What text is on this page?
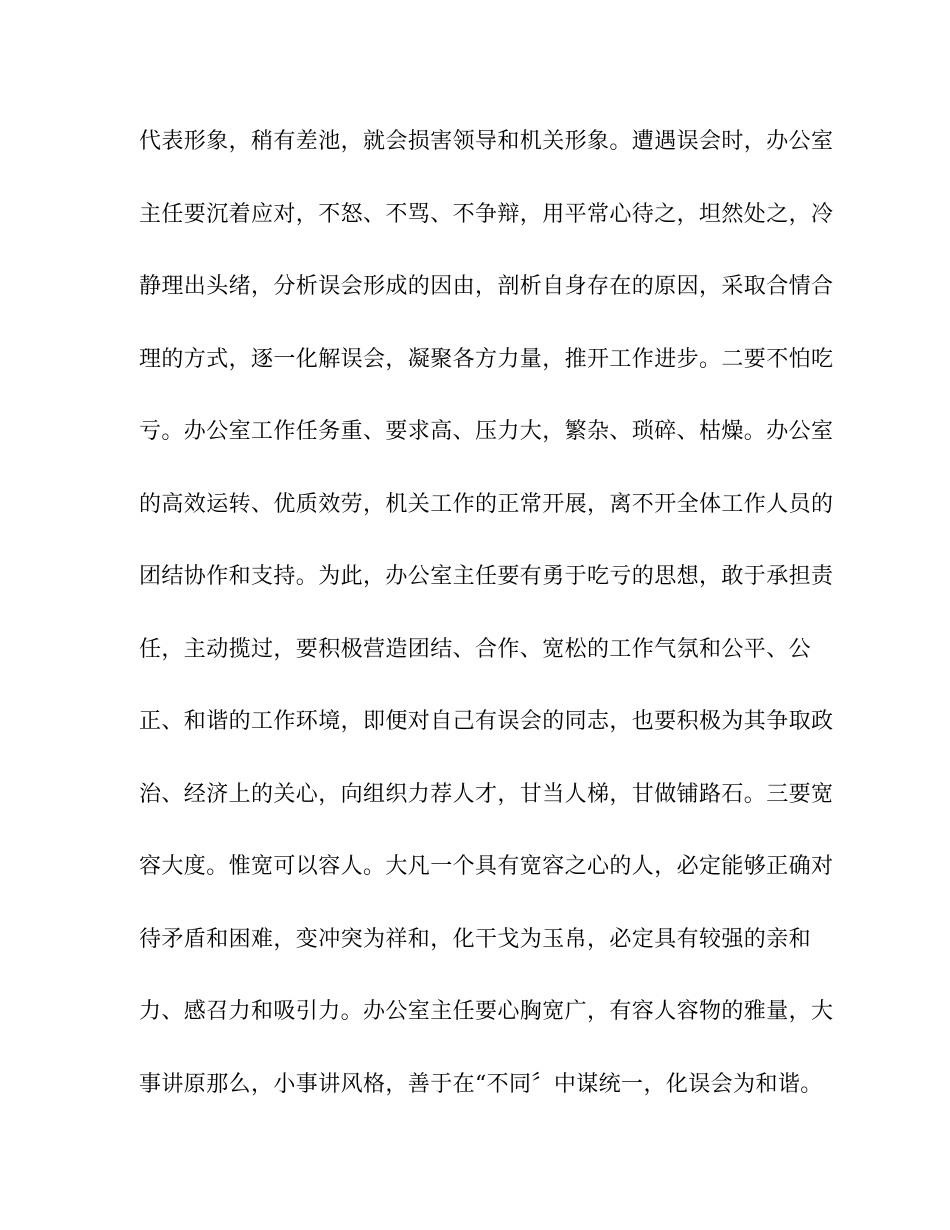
代表形象，稍有差池，就会损害领导和机关形象。遭遇误会时，办公室
主任要沉着应对，不怒、不骂、不争辩，用平常心待之，坦然处之，冷
静理出头绪，分析误会形成的因由，剖析自身存在的原因，采取合情合
理的方式，逐一化解误会，凝聚各方力量，推开工作进步。二要不怕吃
亏。办公室工作任务重、要求高、压力大，繁杂、琐碎、枯燥。办公室
的高效运转、优质效劳，机关工作的正常开展，离不开全体工作人员的
团结协作和支持。为此，办公室主任要有勇于吃亏的思想，敢于承担责
任，主动揽过，要积极营造团结、合作、宽松的工作气氛和公平、公
正、和谐的工作环境，即便对自己有误会的同志，也要积极为其争取政
治、经济上的关心，向组织力荐人才，甘当人梯，甘做铺路石。三要宽
容大度。惟宽可以容人。大凡一个具有宽容之心的人，必定能够正确对
待矛盾和困难，变冲突为祥和，化干戈为玉帛，必定具有较强的亲和
力、感召力和吸引力。办公室主任要心胸宽广，有容人容物的雅量，大
事讲原那么，小事讲风格，善于在“不同〞中谋统一，化误会为和谐。
